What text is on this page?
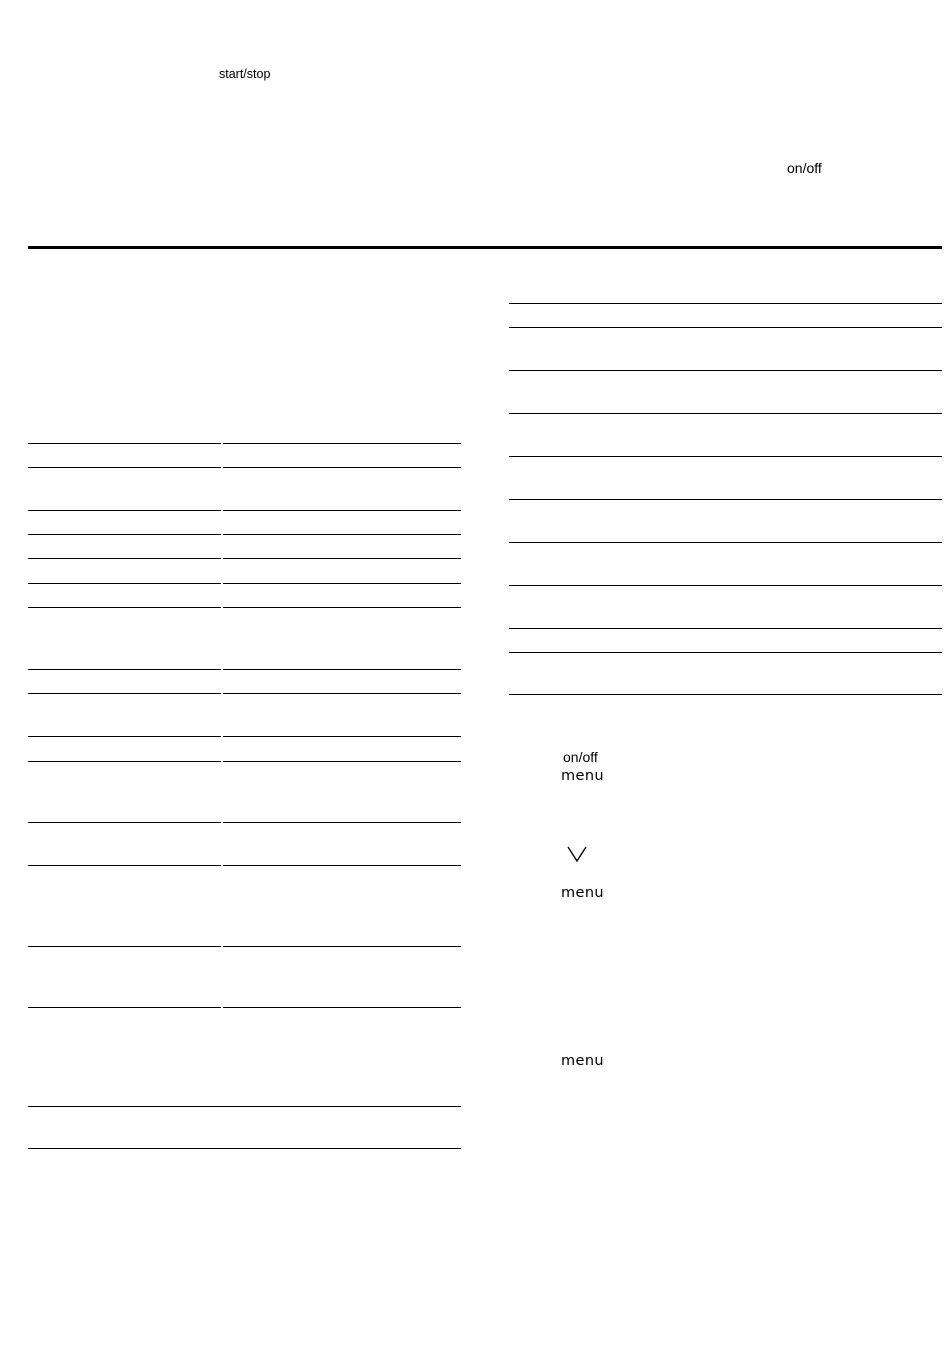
start/stop
on/off
on/off
menu
menu
menu
